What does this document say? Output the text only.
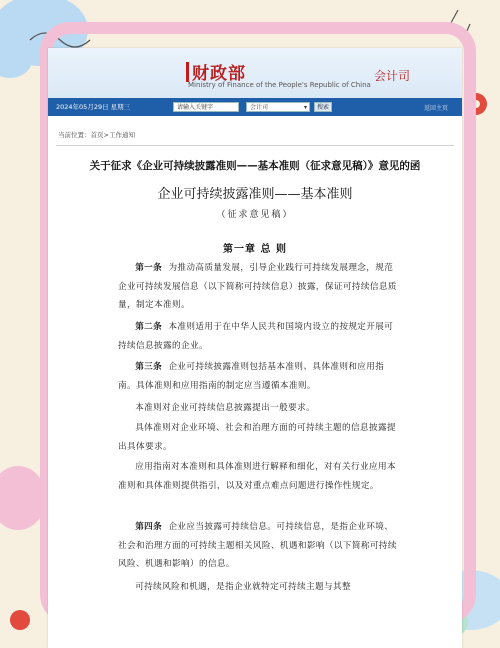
财政部
Ministry of Finance of the People's Republic of China
会计司
2024年05月29日 星期三	请输入关键字	会计司	▾	搜索	返回主页
当前位置：首页>工作通知
关于征求《企业可持续披露准则——基本准则（征求意见稿）》意见的函
企业可持续披露准则——基本准则
（征求意见稿）
第一章 总 则
第一条 为推动高质量发展，引导企业践行可持续发展理念，规范企业可持续发展信息（以下简称可持续信息）披露，保证可持续信息质量，制定本准则。
第二条 本准则适用于在中华人民共和国境内设立的按规定开展可持续信息披露的企业。
第三条 企业可持续披露准则包括基本准则、具体准则和应用指南。具体准则和应用指南的制定应当遵循本准则。
本准则对企业可持续信息披露提出一般要求。
具体准则对企业环境、社会和治理方面的可持续主题的信息披露提出具体要求。
应用指南对本准则和具体准则进行解释和细化，对有关行业应用本准则和具体准则提供指引，以及对重点难点问题进行操作性规定。
第四条 企业应当披露可持续信息。可持续信息，是指企业环境、社会和治理方面的可持续主题相关风险、机遇和影响（以下简称可持续风险、机遇和影响）的信息。
可持续风险和机遇，是指企业就特定可持续主题与其整
